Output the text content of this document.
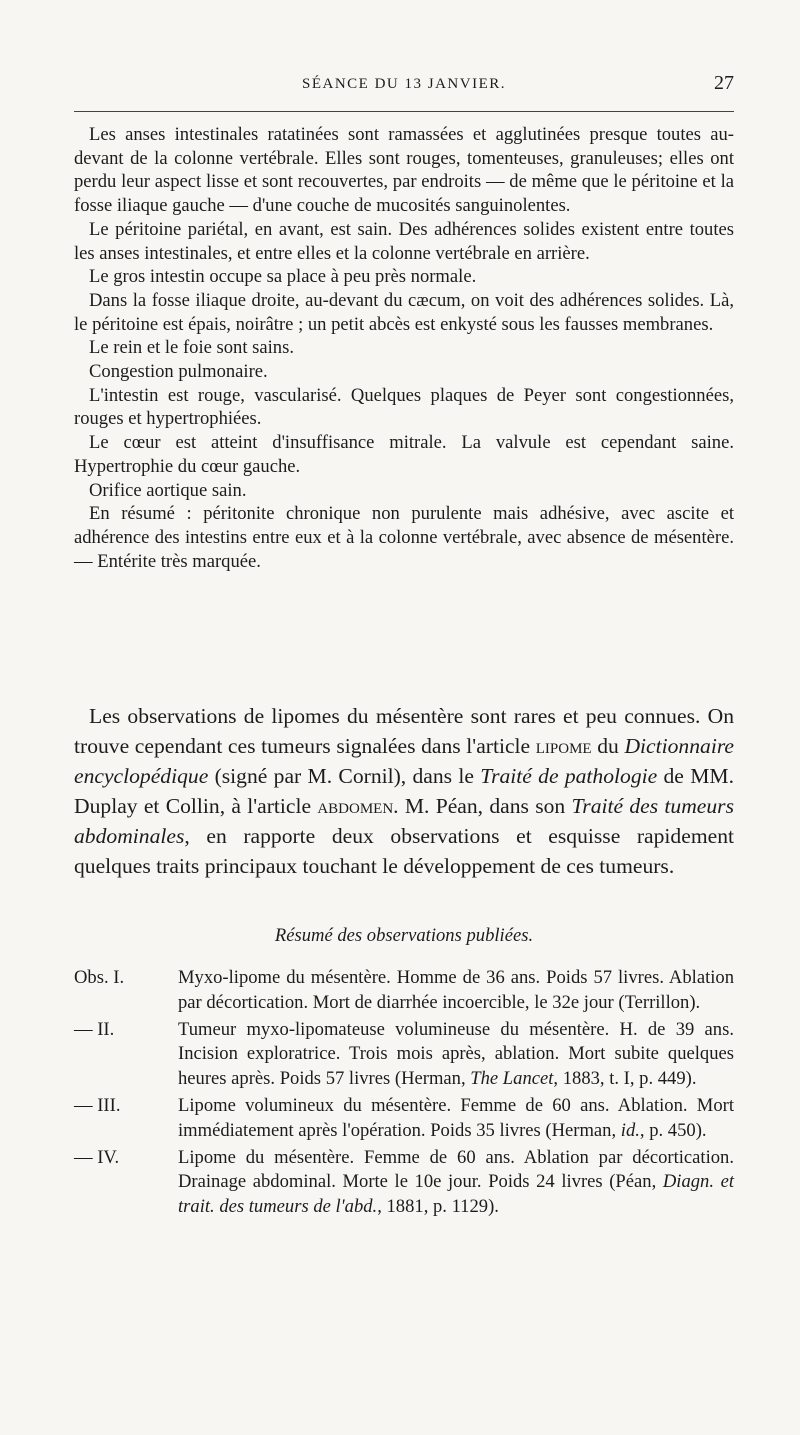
SÉANCE DU 13 JANVIER.	27

Les anses intestinales ratatinées sont ramassées et agglutinées presque toutes au-devant de la colonne vertébrale. Elles sont rouges, tomenteuses, granuleuses; elles ont perdu leur aspect lisse et sont recouvertes, par endroits — de même que le péritoine et la fosse iliaque gauche — d'une couche de mucosités sanguinolentes.

Le péritoine pariétal, en avant, est sain. Des adhérences solides existent entre toutes les anses intestinales, et entre elles et la colonne vertébrale en arrière.

Le gros intestin occupe sa place à peu près normale.

Dans la fosse iliaque droite, au-devant du cæcum, on voit des adhérences solides. Là, le péritoine est épais, noirâtre ; un petit abcès est enkysté sous les fausses membranes.

Le rein et le foie sont sains.

Congestion pulmonaire.

L'intestin est rouge, vascularisé. Quelques plaques de Peyer sont congestionnées, rouges et hypertrophiées.

Le cœur est atteint d'insuffisance mitrale. La valvule est cependant saine. Hypertrophie du cœur gauche.

Orifice aortique sain.

En résumé : péritonite chronique non purulente mais adhésive, avec ascite et adhérence des intestins entre eux et à la colonne vertébrale, avec absence de mésentère. — Entérite très marquée.

Les observations de lipomes du mésentère sont rares et peu connues. On trouve cependant ces tumeurs signalées dans l'article lipome du Dictionnaire encyclopédique (signé par M. Cornil), dans le Traité de pathologie de MM. Duplay et Collin, à l'article abdomen. M. Péan, dans son Traité des tumeurs abdominales, en rapporte deux observations et esquisse rapidement quelques traits principaux touchant le développement de ces tumeurs.

Résumé des observations publiées.
Obs. I.	Myxo-lipome du mésentère. Homme de 36 ans. Poids 57 livres. Ablation par décortication. Mort de diarrhée incoercible, le 32e jour (Terrillon).
— II.	Tumeur myxo-lipomateuse volumineuse du mésentère. H. de 39 ans. Incision exploratrice. Trois mois après, ablation. Mort subite quelques heures après. Poids 57 livres (Herman, The Lancet, 1883, t. I, p. 449).
— III.	Lipome volumineux du mésentère. Femme de 60 ans. Ablation. Mort immédiatement après l'opération. Poids 35 livres (Herman, id., p. 450).
— IV.	Lipome du mésentère. Femme de 60 ans. Ablation par décortication. Drainage abdominal. Morte le 10e jour. Poids 24 livres (Péan, Diagn. et trait. des tumeurs de l'abd., 1881, p. 1129).
